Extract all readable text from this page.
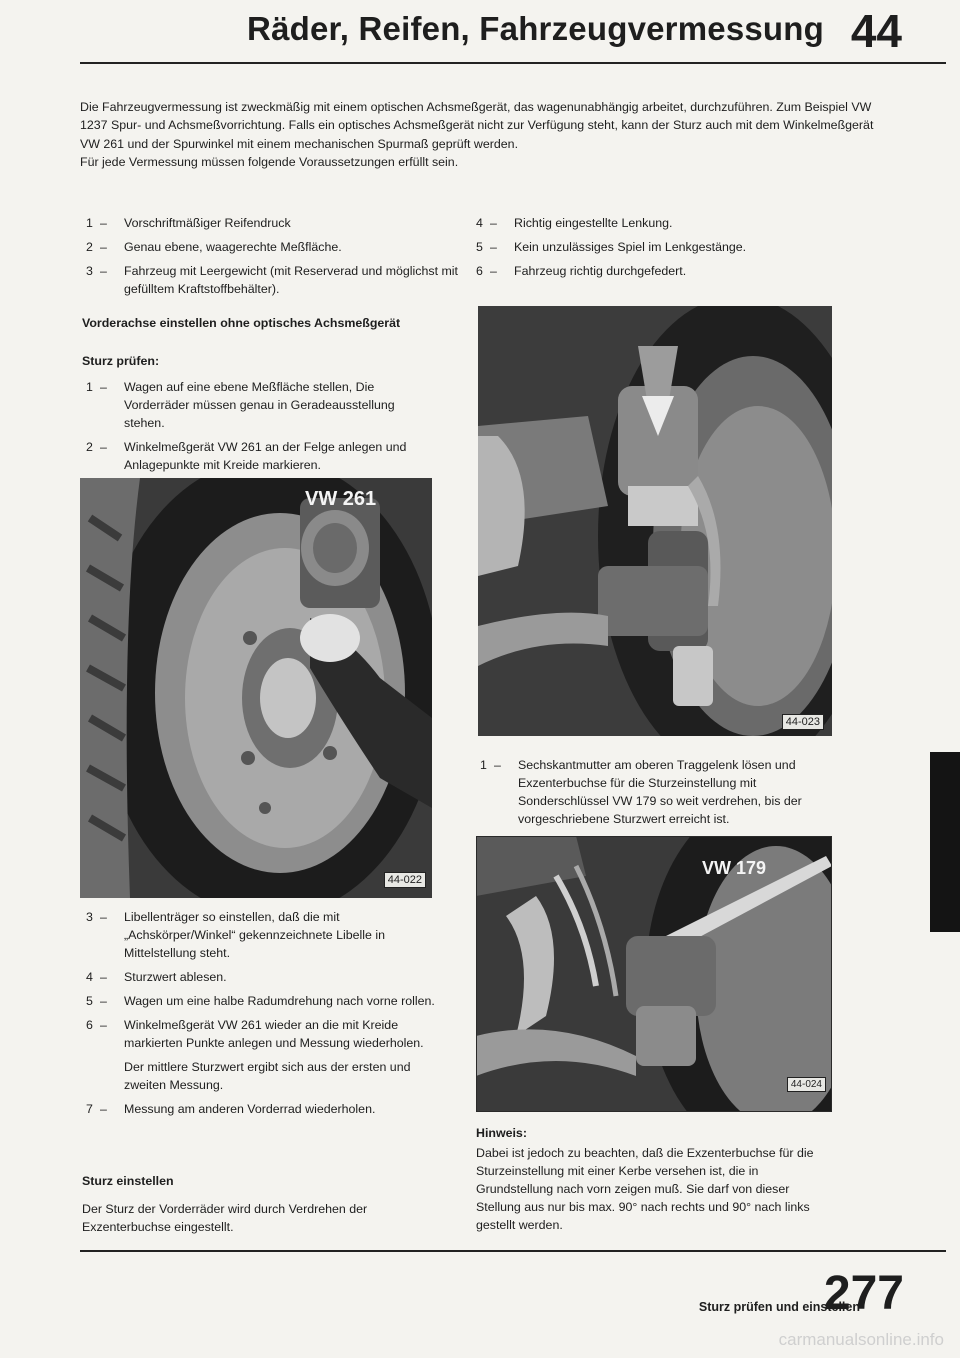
Räder, Reifen, Fahrzeugvermessung 44

Die Fahrzeugvermessung ist zweckmäßig mit einem optischen Achsmeßgerät, das wagenunabhängig arbeitet, durchzuführen. Zum Beispiel VW 1237 Spur- und Achsmeßvorrichtung. Falls ein optisches Achsmeßgerät nicht zur Verfügung steht, kann der Sturz auch mit dem Winkelmeßgerät VW 261 und der Spurwinkel mit einem mechanischen Spurmaß geprüft werden.

Für jede Vermessung müssen folgende Voraussetzungen erfüllt sein.

1 –	Vorschriftmäßiger Reifendruck
2 –	Genau ebene, waagerechte Meßfläche.
3 –	Fahrzeug mit Leergewicht (mit Reserverad und möglichst mit gefülltem Kraftstoffbehälter).
4 –	Richtig eingestellte Lenkung.
5 –	Kein unzulässiges Spiel im Lenkgestänge.
6 –	Fahrzeug richtig durchgefedert.
Vorderachse einstellen ohne optisches Achsmeßgerät
Sturz prüfen:
1 –	Wagen auf eine ebene Meßfläche stellen, Die Vorderräder müssen genau in Geradeausstellung stehen.
2 –	Winkelmeßgerät VW 261 an der Felge anlegen und Anlagepunkte mit Kreide markieren.
VW 261
44-022
3 –	Libellenträger so einstellen, daß die mit „Achskörper/Winkel“ gekennzeichnete Libelle in Mittelstellung steht.
4 –	Sturzwert ablesen.
5 –	Wagen um eine halbe Radumdrehung nach vorne rollen.
6 –	Winkelmeßgerät VW 261 wieder an die mit Kreide markierten Punkte anlegen und Messung wiederholen.
Der mittlere Sturzwert ergibt sich aus der ersten und zweiten Messung.
7 –	Messung am anderen Vorderrad wiederholen.
Sturz einstellen
Der Sturz der Vorderräder wird durch Verdrehen der Exzenterbuchse eingestellt.
44-023
1 –	Sechskantmutter am oberen Traggelenk lösen und Exzenterbuchse für die Sturzeinstellung mit Sonderschlüssel VW 179 so weit verdrehen, bis der vorgeschriebene Sturzwert erreicht ist.
VW 179
44-024
Hinweis:
Dabei ist jedoch zu beachten, daß die Exzenterbuchse für die Sturzeinstellung mit einer Kerbe versehen ist, die in Grundstellung nach vorn zeigen muß. Sie darf von dieser Stellung aus nur bis max. 90° nach rechts und 90° nach links gestellt werden.
Sturz prüfen und einstellen
277
carmanualsonline.info
